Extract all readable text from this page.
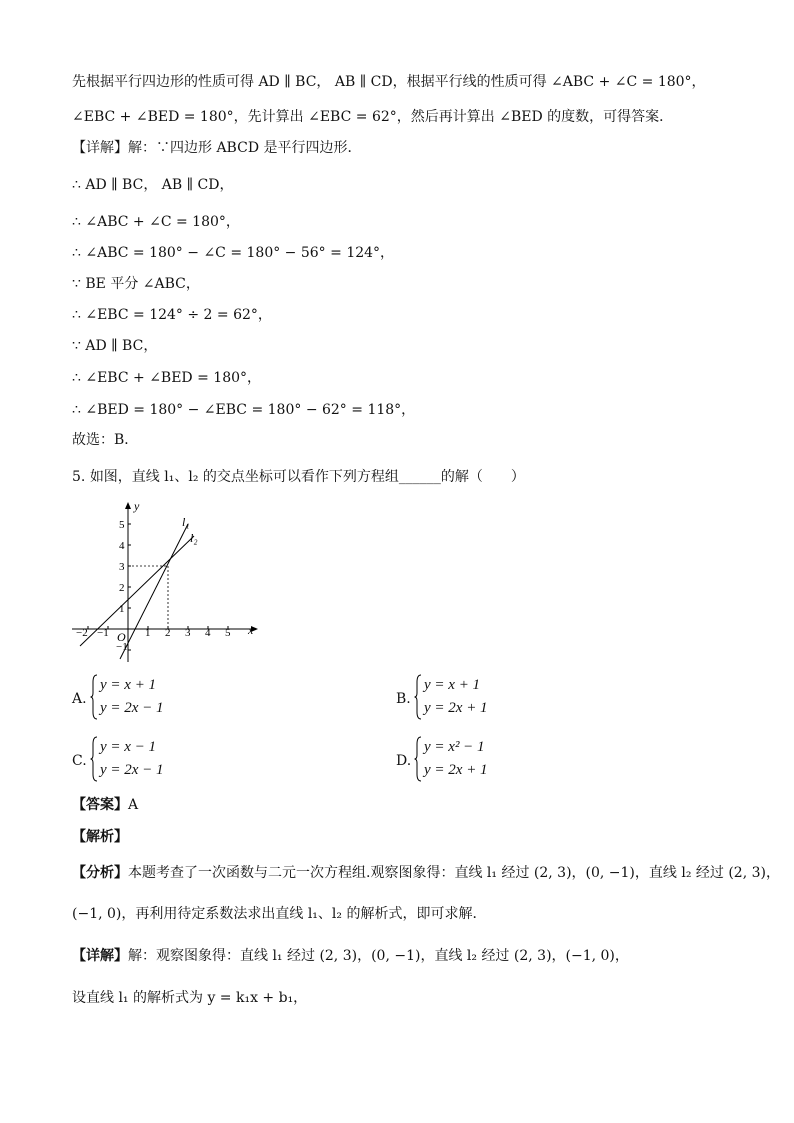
先根据平行四边形的性质可得 AD ∥ BC， AB ∥ CD，根据平行线的性质可得 ∠ABC + ∠C = 180°，
∠EBC + ∠BED = 180°，先计算出 ∠EBC = 62°，然后再计算出 ∠BED 的度数，可得答案．
【详解】解：∵四边形 ABCD 是平行四边形．
∴ AD ∥ BC， AB ∥ CD，
∴ ∠ABC + ∠C = 180°，
∴ ∠ABC = 180° − ∠C = 180° − 56° = 124°，
∵ BE 平分 ∠ABC，
∴ ∠EBC = 124° ÷ 2 = 62°，
∵ AD ∥ BC，
∴ ∠EBC + ∠BED = 180°，
∴ ∠BED = 180° − ∠EBC = 180° − 62° = 118°，
故选：B．
5. 如图，直线 l₁、l₂ 的交点坐标可以看作下列方程组______的解（　　）
x
y
O
−2 −1	1 2 3 4 5
5
4
3
2
1
−1
l₁
l₂
A.
y = x + 1
y = 2x − 1
B.
y = x + 1
y = 2x + 1
C.
y = x − 1
y = 2x − 1
D.
y = x² − 1
y = 2x + 1
【答案】A
【解析】
【分析】本题考查了一次函数与二元一次方程组.观察图象得：直线 l₁ 经过 (2, 3)，(0, −1)，直线 l₂ 经过 (2, 3)，
(−1, 0)，再利用待定系数法求出直线 l₁、l₂ 的解析式，即可求解．
【详解】解：观察图象得：直线 l₁ 经过 (2, 3)，(0, −1)，直线 l₂ 经过 (2, 3)，(−1, 0)，
设直线 l₁ 的解析式为 y = k₁x + b₁，
